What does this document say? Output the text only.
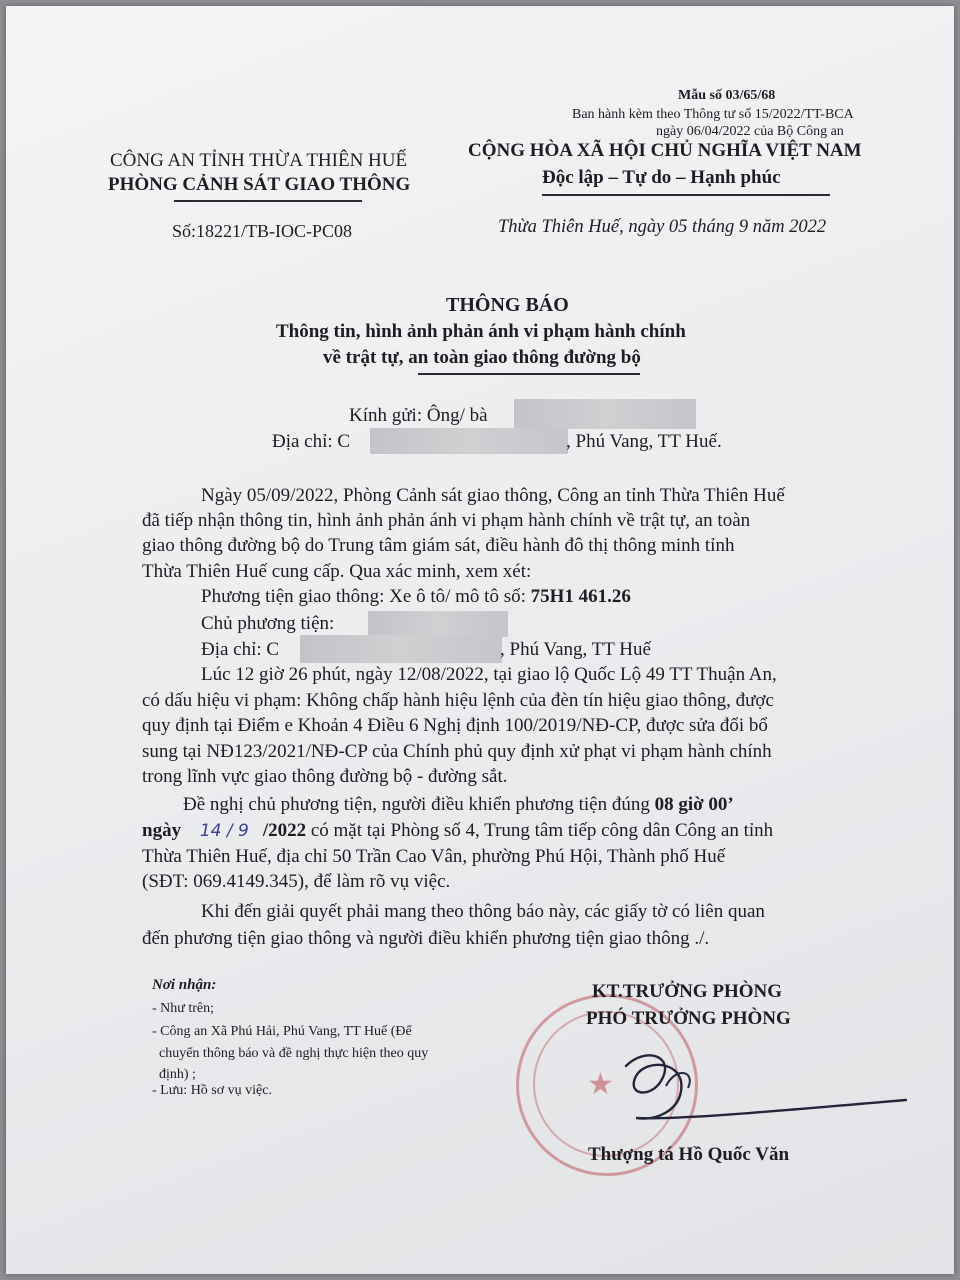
Mẫu số 03/65/68
Ban hành kèm theo Thông tư số 15/2022/TT-BCA
ngày 06/04/2022 của Bộ Công an
CÔNG AN TỈNH THỪA THIÊN HUẾ
PHÒNG CẢNH SÁT GIAO THÔNG
Số:18221/TB-IOC-PC08
CỘNG HÒA XÃ HỘI CHỦ NGHĨA VIỆT NAM
Độc lập – Tự do – Hạnh phúc
Thừa Thiên Huế, ngày 05 tháng 9 năm 2022
THÔNG BÁO
Thông tin, hình ảnh phản ánh vi phạm hành chính
về trật tự, an toàn giao thông đường bộ
Kính gửi: Ông/ bà
Địa chỉ: C	, Phú Vang, TT Huế.
Ngày 05/09/2022, Phòng Cảnh sát giao thông, Công an tỉnh Thừa Thiên Huế
đã tiếp nhận thông tin, hình ảnh phản ánh vi phạm hành chính về trật tự, an toàn
giao thông đường bộ do Trung tâm giám sát, điều hành đô thị thông minh tỉnh
Thừa Thiên Huế cung cấp. Qua xác minh, xem xét:
Phương tiện giao thông: Xe ô tô/ mô tô số: 75H1 461.26
Chủ phương tiện:
Địa chỉ: C	, Phú Vang, TT Huế
Lúc 12 giờ 26 phút, ngày 12/08/2022, tại giao lộ Quốc Lộ 49 TT Thuận An,
có dấu hiệu vi phạm: Không chấp hành hiệu lệnh của đèn tín hiệu giao thông, được
quy định tại Điểm e Khoản 4 Điều 6 Nghị định 100/2019/NĐ-CP, được sửa đổi bổ
sung tại NĐ123/2021/NĐ-CP của Chính phủ quy định xử phạt vi phạm hành chính
trong lĩnh vực giao thông đường bộ - đường sắt.
Đề nghị chủ phương tiện, người điều khiển phương tiện đúng 08 giờ 00’
ngày 14 / 9 /2022 có mặt tại Phòng số 4, Trung tâm tiếp công dân Công an tỉnh
Thừa Thiên Huế, địa chỉ 50 Trần Cao Vân, phường Phú Hội, Thành phố Huế
(SĐT: 069.4149.345), để làm rõ vụ việc.
Khi đến giải quyết phải mang theo thông báo này, các giấy tờ có liên quan
đến phương tiện giao thông và người điều khiển phương tiện giao thông ./.
Nơi nhận:
- Như trên;
- Công an Xã Phú Hải, Phú Vang, TT Huế (Để
chuyển thông báo và đề nghị thực hiện theo quy
định) ;
- Lưu: Hồ sơ vụ việc.	★
KT.TRƯỞNG PHÒNG
PHÓ TRƯỞNG PHÒNG
Thượng tá Hồ Quốc Văn
